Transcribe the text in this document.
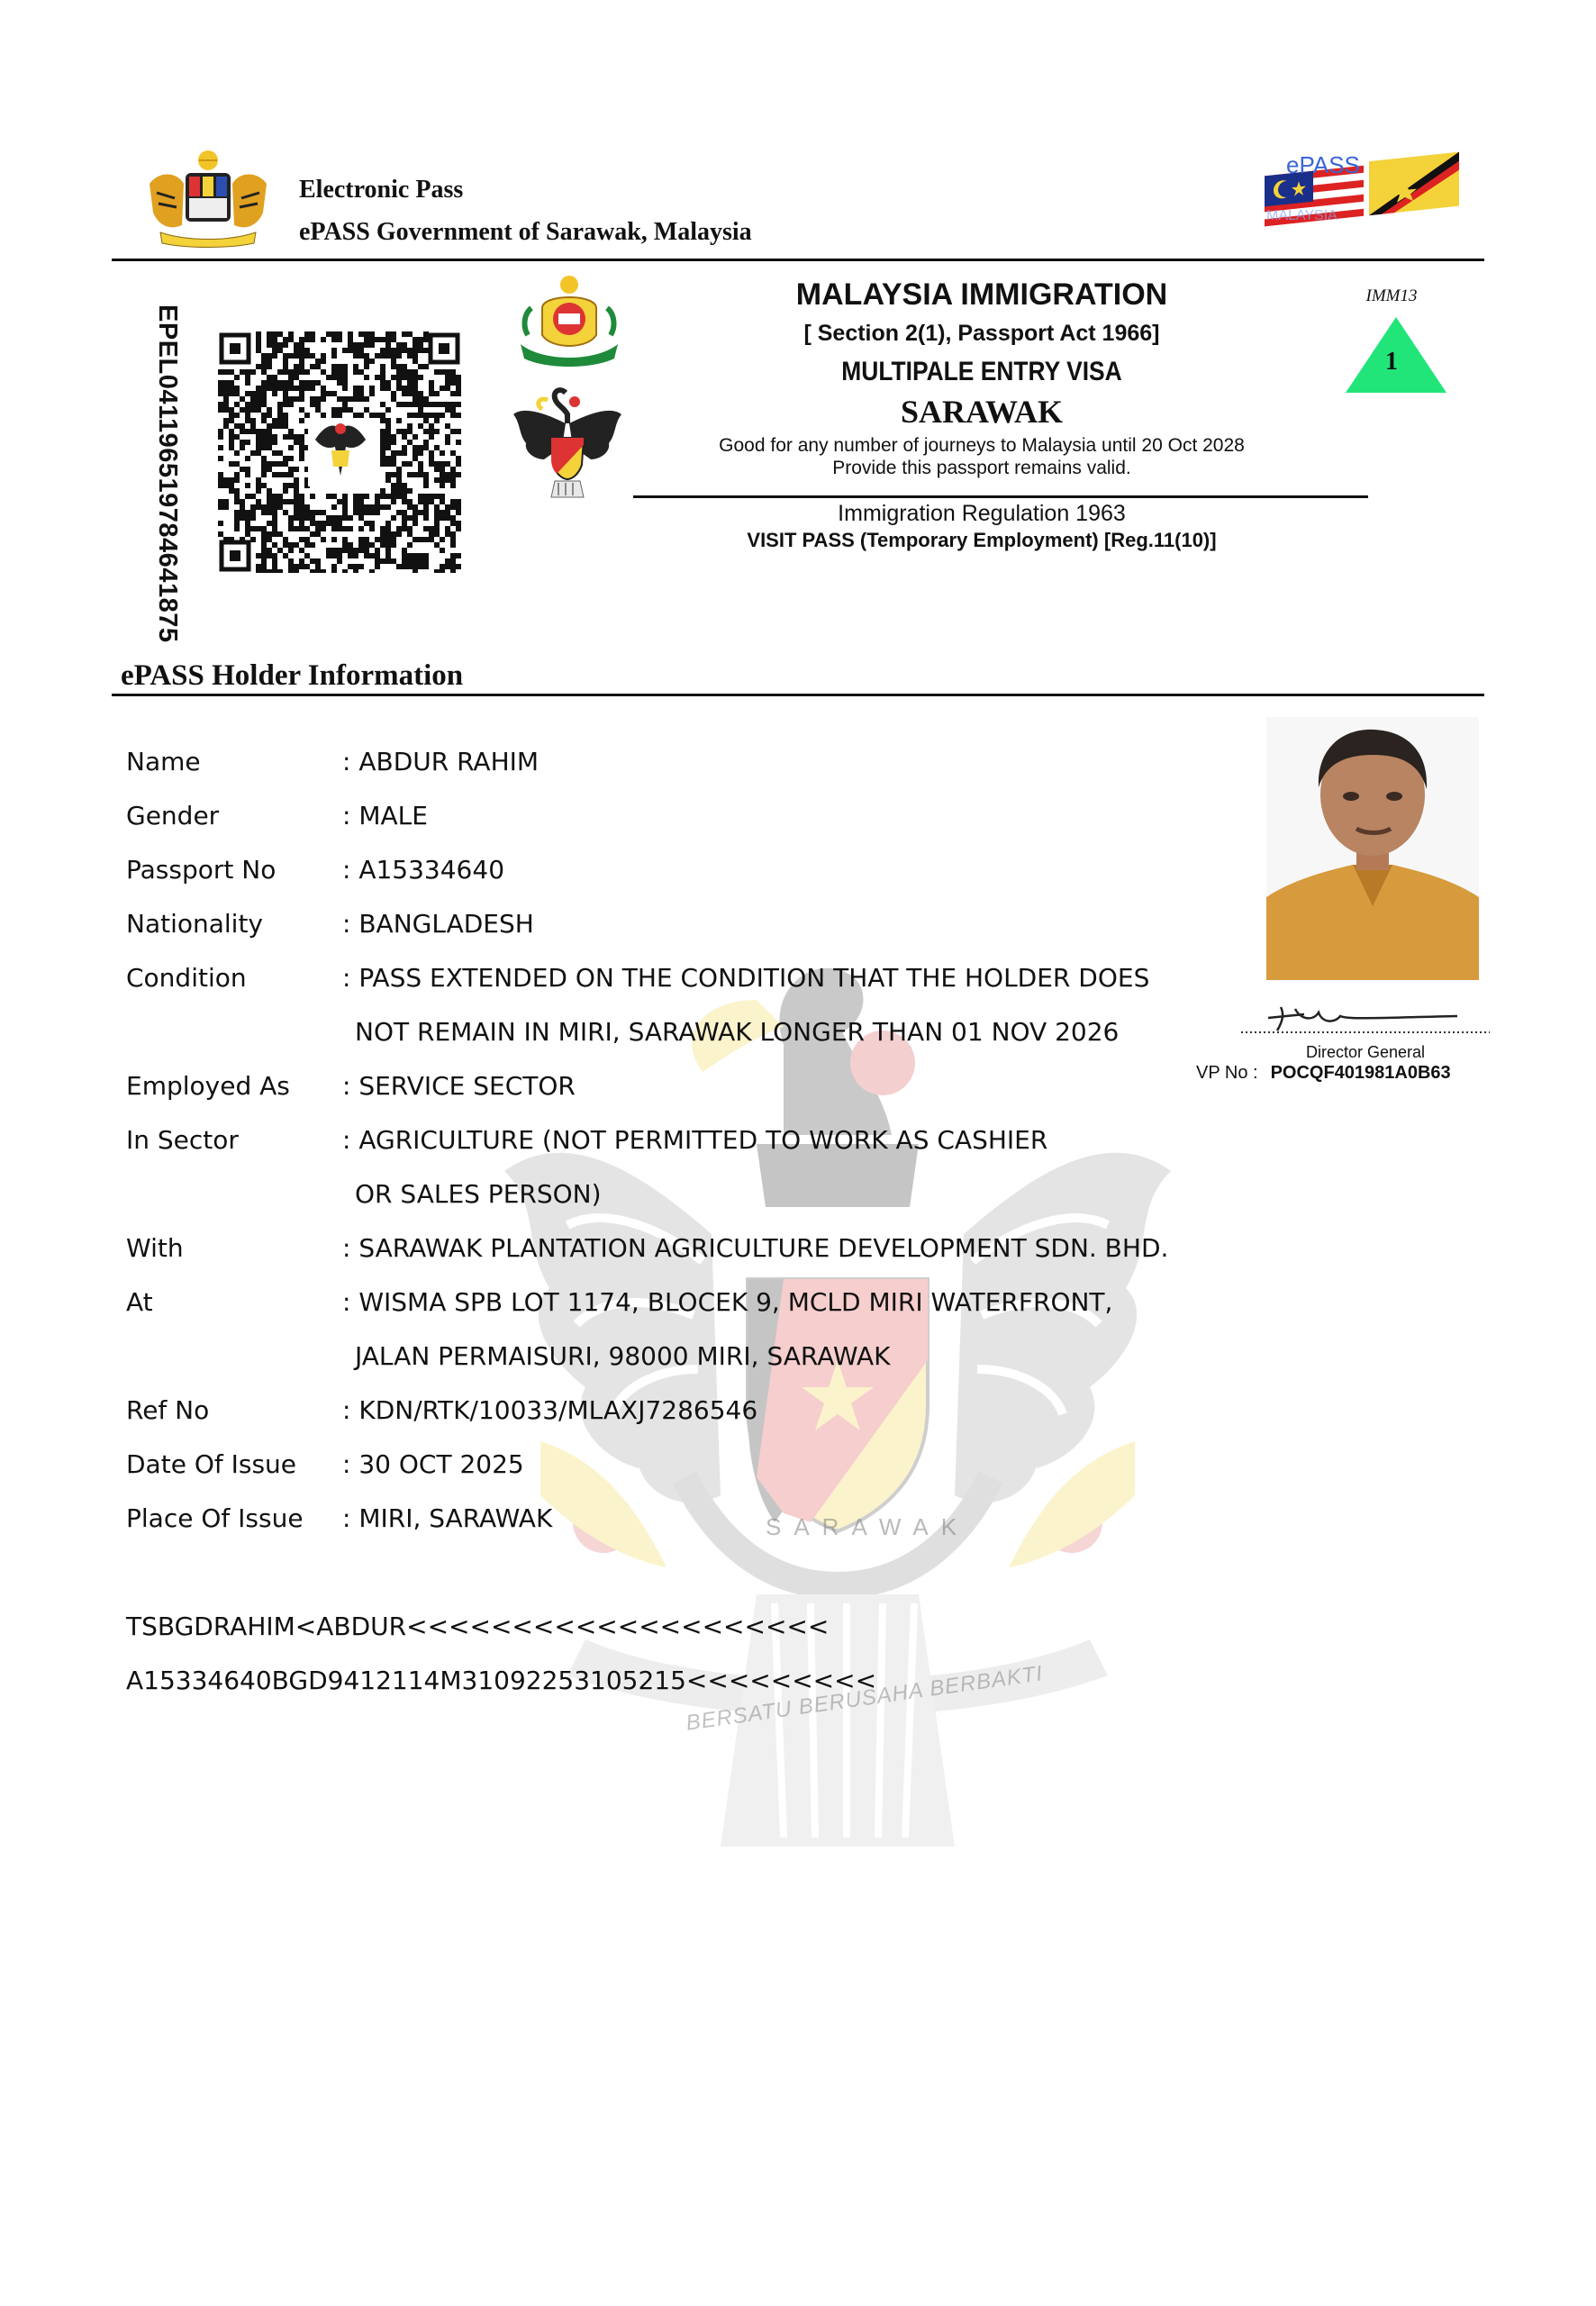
SARAWAK
BERSATU BERUSAHA BERBAKTI
Electronic Pass
ePASS Government of Sarawak, Malaysia
ePASS
MALAYSIA
EPEL041196519784641875
MALAYSIA IMMIGRATION
[ Section 2(1), Passport Act 1966]
MULTIPALE ENTRY VISA
SARAWAK
Good for any number of journeys to Malaysia until 20 Oct 2028
Provide this passport remains valid.
Immigration Regulation 1963
VISIT PASS (Temporary Employment) [Reg.11(10)]
IMM13
1
ePASS Holder Information
Name	: ABDUR RAHIM
Gender	: MALE
Passport No	: A15334640
Nationality	: BANGLADESH
Condition	: PASS EXTENDED ON THE CONDITION THAT THE HOLDER DOES
NOT REMAIN IN MIRI, SARAWAK LONGER THAN 01 NOV 2026
Employed As : SERVICE SECTOR
In Sector	: AGRICULTURE (NOT PERMITTED TO WORK AS CASHIER
OR SALES PERSON)
With	: SARAWAK PLANTATION AGRICULTURE DEVELOPMENT SDN. BHD.
At	: WISMA SPB LOT 1174, BLOCEK 9, MCLD MIRI WATERFRONT,
JALAN PERMAISURI, 98000 MIRI, SARAWAK
Ref No	: KDN/RTK/10033/MLAXJ7286546
Date Of Issue : 30 OCT 2025
Place Of Issue : MIRI, SARAWAK
TSBGDRAHIM<ABDUR<<<<<<<<<<<<<<<<<<<<
A15334640BGD9412114M31092253105215<<<<<<<<<
Director General
VP No : POCQF401981A0B63
